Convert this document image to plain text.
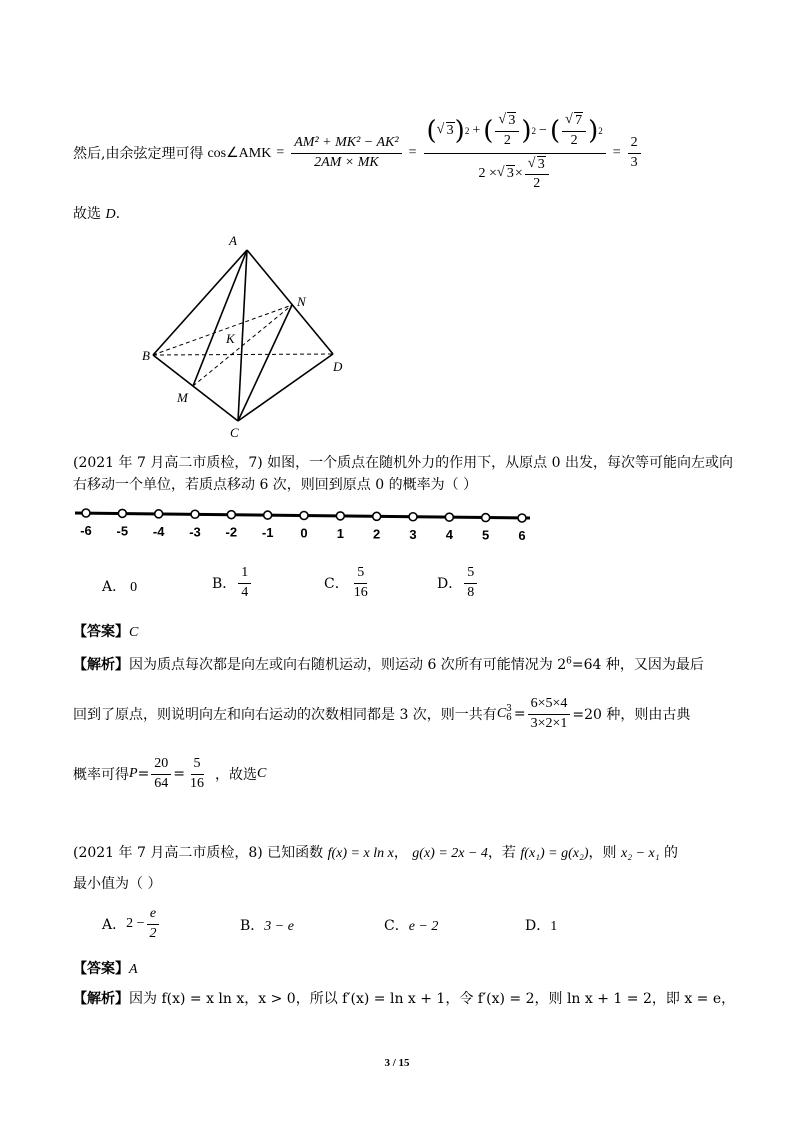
然后,由余弦定理可得 cos∠AMK = $\frac{\text{AM² + MK² − AK²}}{2AM \times MK}$ =
( √ 3 ) 2 + ( √ $\frac{3}{2}$ ) 2 − ( √ $\frac{7}{2}$ ) 2
2 × √ 3 × √ $\frac{3}{2}$
= $\frac{2}{3}$
故选 D.
A
N
K
B
D
M
C
(2021 年 7 月高二市质检，7) 如图，一个质点在随机外力的作用下，从原点 0 出发，每次等可能向左或向
右移动一个单位，若质点移动 6 次，则回到原点 0 的概率为（ ）
-6 -5 -4 -3 -2 -1 0 1 2 3 4 5 6
A． 0	B． $\frac{1}{4}$	C． $\frac{5}{16}$	D． $\frac{5}{8}$
【答案】C
【解析】因为质点每次都是向左或向右随机运动，则运动 6 次所有可能情况为 $2^6=64$ 种，又因为最后
回到了原点，则说明向左和向右运动的次数相同都是 3 次，则一共有 C 3
$6 = \frac{6\times 5\times 4}{3\times 2\times 1} =20$ 种，则由古典
概率可得 $P = \frac{20}{64} = \frac{5}{16}$ ，故选 C
(2021 年 7 月高二市质检，8) 已知函数 f(x) = x ln x， g(x) = 2x − 4，若 f(x₁) = g(x₂)，则 x₂ − x₁ 的
最小值为（ ）
A． $2 - \frac{e}{2}$	B．3 − e	C．e − 2	D．1
【答案】A
【解析】因为 f(x) = x ln x，x > 0，所以 f′(x) = ln x + 1，令 f′(x) = 2，则 ln x + 1 = 2，即 x = e，
3 / 15
